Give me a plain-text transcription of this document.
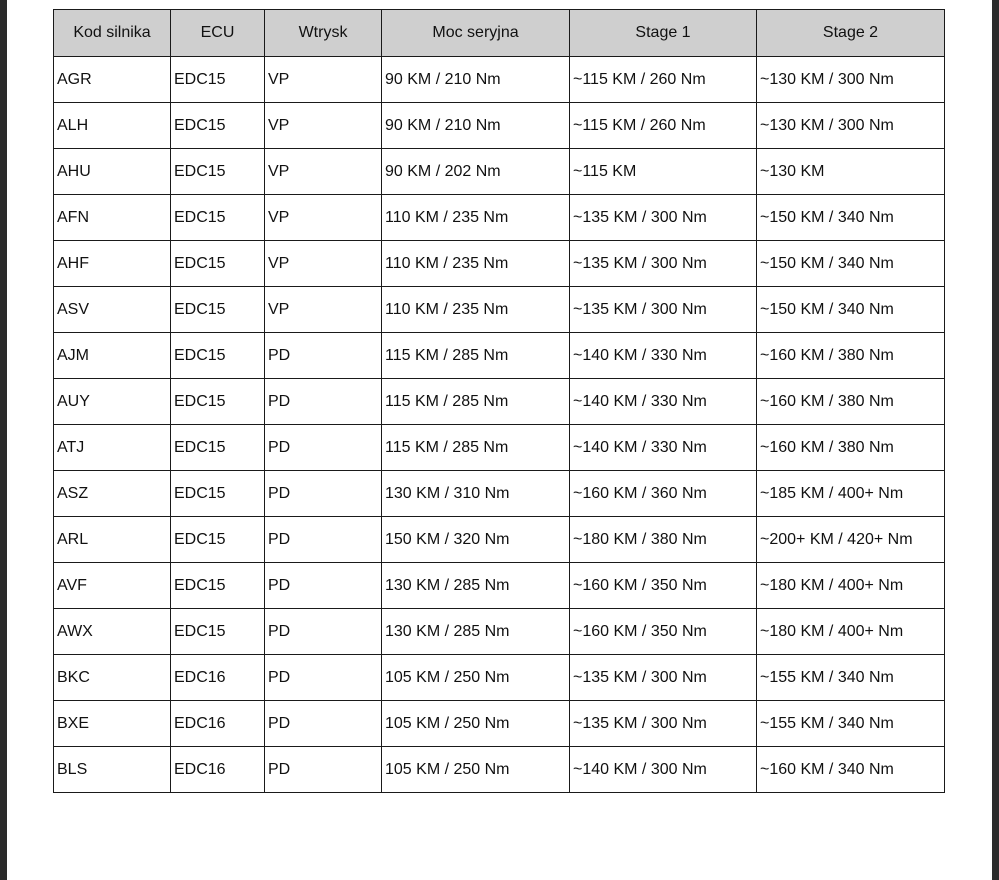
Kod silnika	ECU	Wtrysk	Moc seryjna	Stage 1	Stage 2
AGR	EDC15	VP	90 KM / 210 Nm	~115 KM / 260 Nm	~130 KM / 300 Nm
ALH	EDC15	VP	90 KM / 210 Nm	~115 KM / 260 Nm	~130 KM / 300 Nm
AHU	EDC15	VP	90 KM / 202 Nm	~115 KM	~130 KM
AFN	EDC15	VP	110 KM / 235 Nm	~135 KM / 300 Nm	~150 KM / 340 Nm
AHF	EDC15	VP	110 KM / 235 Nm	~135 KM / 300 Nm	~150 KM / 340 Nm
ASV	EDC15	VP	110 KM / 235 Nm	~135 KM / 300 Nm	~150 KM / 340 Nm
AJM	EDC15	PD	115 KM / 285 Nm	~140 KM / 330 Nm	~160 KM / 380 Nm
AUY	EDC15	PD	115 KM / 285 Nm	~140 KM / 330 Nm	~160 KM / 380 Nm
ATJ	EDC15	PD	115 KM / 285 Nm	~140 KM / 330 Nm	~160 KM / 380 Nm
ASZ	EDC15	PD	130 KM / 310 Nm	~160 KM / 360 Nm	~185 KM / 400+ Nm
ARL	EDC15	PD	150 KM / 320 Nm	~180 KM / 380 Nm	~200+ KM / 420+ Nm
AVF	EDC15	PD	130 KM / 285 Nm	~160 KM / 350 Nm	~180 KM / 400+ Nm
AWX	EDC15	PD	130 KM / 285 Nm	~160 KM / 350 Nm	~180 KM / 400+ Nm
BKC	EDC16	PD	105 KM / 250 Nm	~135 KM / 300 Nm	~155 KM / 340 Nm
BXE	EDC16	PD	105 KM / 250 Nm	~135 KM / 300 Nm	~155 KM / 340 Nm
BLS	EDC16	PD	105 KM / 250 Nm	~140 KM / 300 Nm	~160 KM / 340 Nm
